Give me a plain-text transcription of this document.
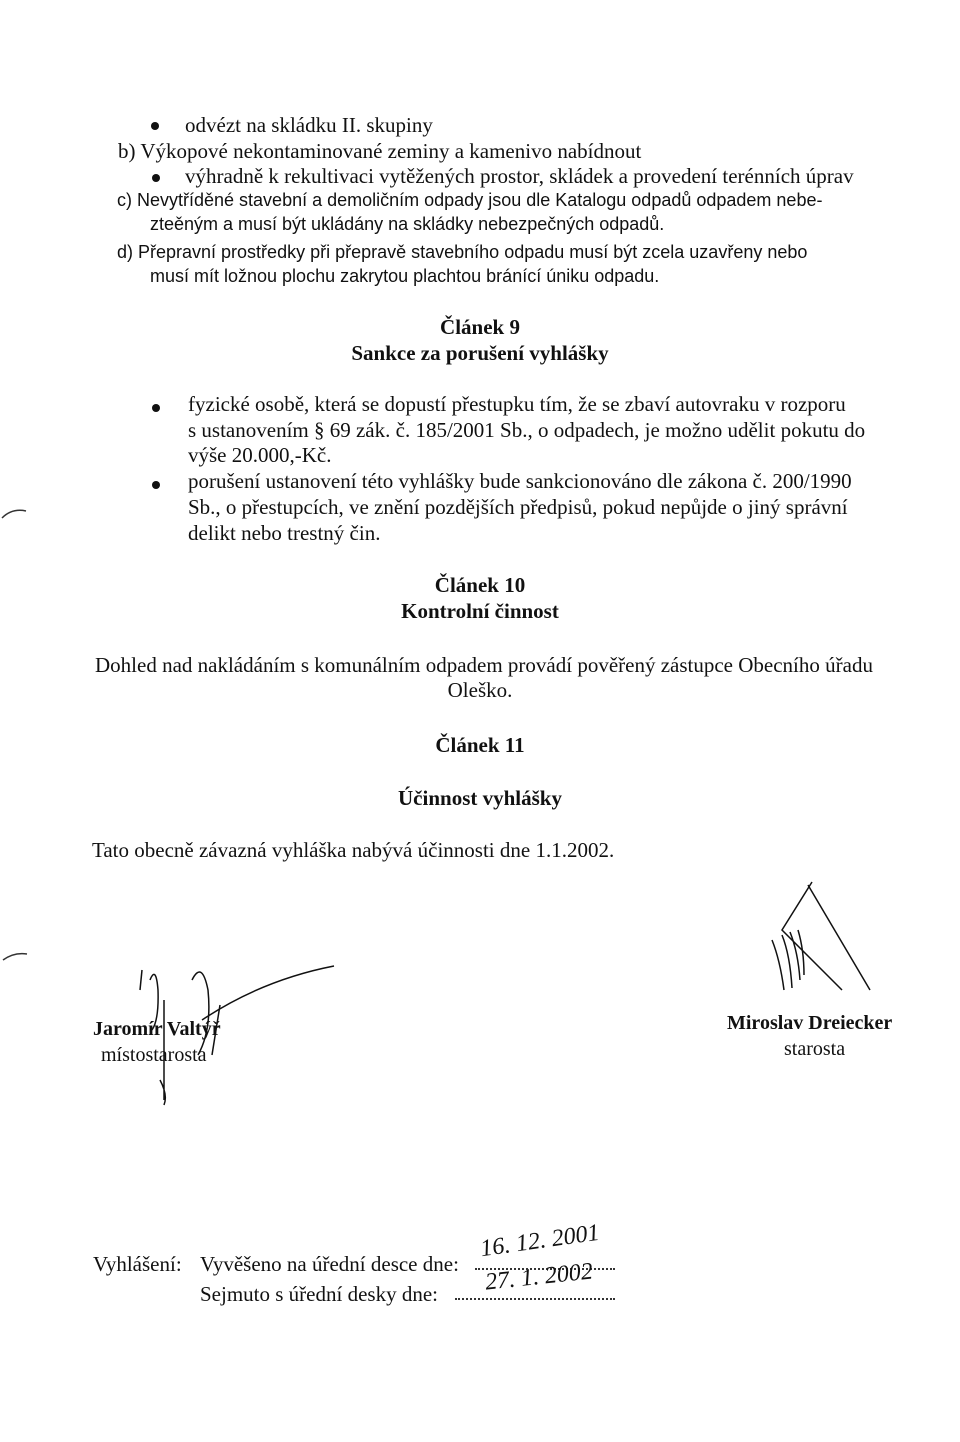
odvézt na skládku II. skupiny
b) Výkopové nekontaminované zeminy a kamenivo nabídnout
výhradně k rekultivaci vytěžených prostor, skládek a provedení terénních úprav
c) Nevytříděné stavební a demoličním odpady jsou dle Katalogu odpadů odpadem nebe-
zteěným a musí být ukládány na skládky nebezpečných odpadů.
d) Přepravní prostředky při přepravě stavebního odpadu musí být zcela uzavřeny nebo
musí mít ložnou plochu zakrytou plachtou bránící úniku odpadu.
Článek 9
Sankce za porušení vyhlášky
fyzické osobě, která se dopustí přestupku tím, že se zbaví autovraku v rozporu
s ustanovením § 69 zák. č. 185/2001 Sb., o odpadech, je možno udělit pokutu do
výše 20.000,-Kč.
porušení ustanovení této vyhlášky bude sankcionováno dle zákona č. 200/1990
Sb., o přestupcích, ve znění pozdějších předpisů, pokud nepůjde o jiný správní
delikt nebo trestný čin.
Článek 10
Kontrolní činnost
Dohled nad nakládáním s komunálním odpadem provádí pověřený zástupce Obecního úřadu
Oleško.
Článek 11
Účinnost vyhlášky
Tato obecně závazná vyhláška nabývá účinnosti dne 1.1.2002.
Jaromír Valtýř
místostarosta
Miroslav Dreiecker
starosta
Vyhlášení: Vyvěšeno na úřední desce dne:
16. 12. 2001
Sejmuto s úřední desky dne: 27. 1. 2002
